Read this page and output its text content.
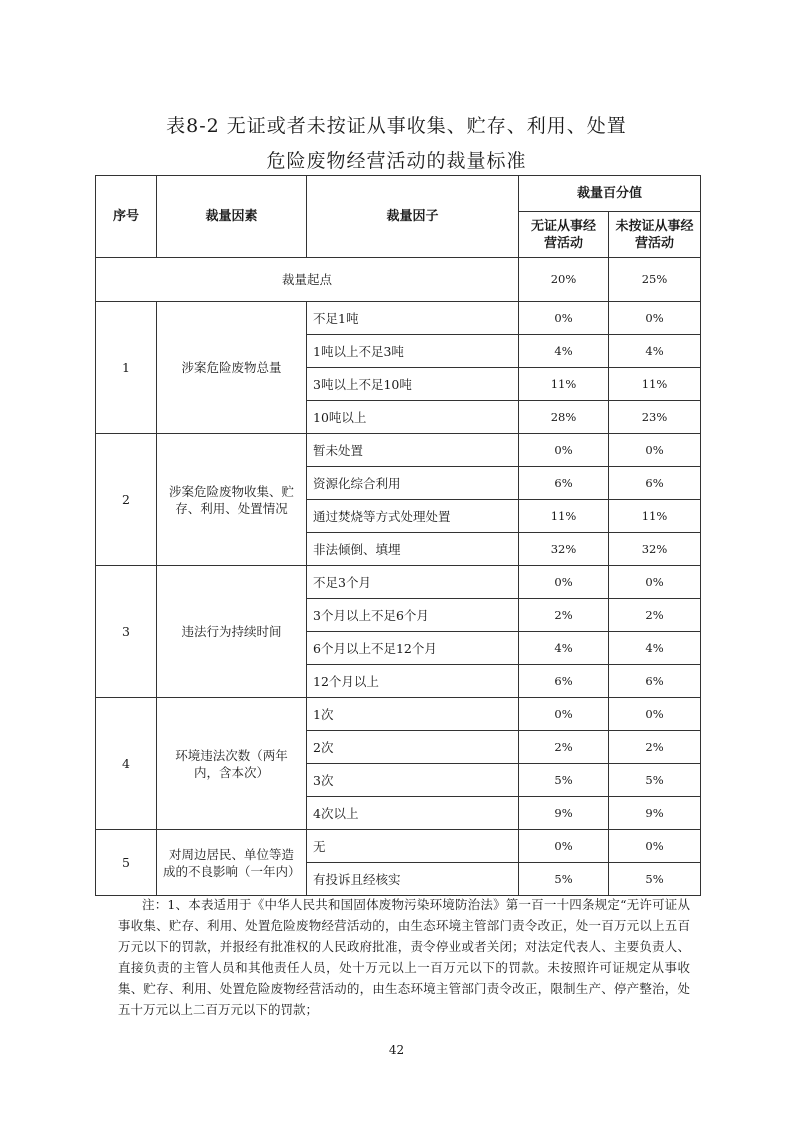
表8-2 无证或者未按证从事收集、贮存、利用、处置
危险废物经营活动的裁量标准
序号	裁量因素	裁量因子	裁量百分值	
			无证从事经营活动	未按证从事经营活动
裁量起点			20%	25%
1	涉案危险废物总量	不足1吨	0%	0%
		1吨以上不足3吨	4%	4%
		3吨以上不足10吨	11%	11%
		10吨以上	28%	23%
2	涉案危险废物收集、贮存、利用、处置情况	暂未处置	0%	0%
		资源化综合利用	6%	6%
		通过焚烧等方式处理处置	11%	11%
		非法倾倒、填埋	32%	32%
3	违法行为持续时间	不足3个月	0%	0%
		3个月以上不足6个月	2%	2%
		6个月以上不足12个月	4%	4%
		12个月以上	6%	6%
4	环境违法次数（两年内，含本次）	1次	0%	0%
		2次	2%	2%
		3次	5%	5%
		4次以上	9%	9%
5	对周边居民、单位等造成的不良影响（一年内）	无	0%	0%
		有投诉且经核实	5%	5%
注：1、本表适用于《中华人民共和国固体废物污染环境防治法》第一百一十四条规定“无许可证从事收集、贮存、利用、处置危险废物经营活动的，由生态环境主管部门责令改正，处一百万元以上五百万元以下的罚款，并报经有批准权的人民政府批准，责令停业或者关闭；对法定代表人、主要负责人、直接负责的主管人员和其他责任人员，处十万元以上一百万元以下的罚款。未按照许可证规定从事收集、贮存、利用、处置危险废物经营活动的，由生态环境主管部门责令改正，限制生产、停产整治，处五十万元以上二百万元以下的罚款；
42
